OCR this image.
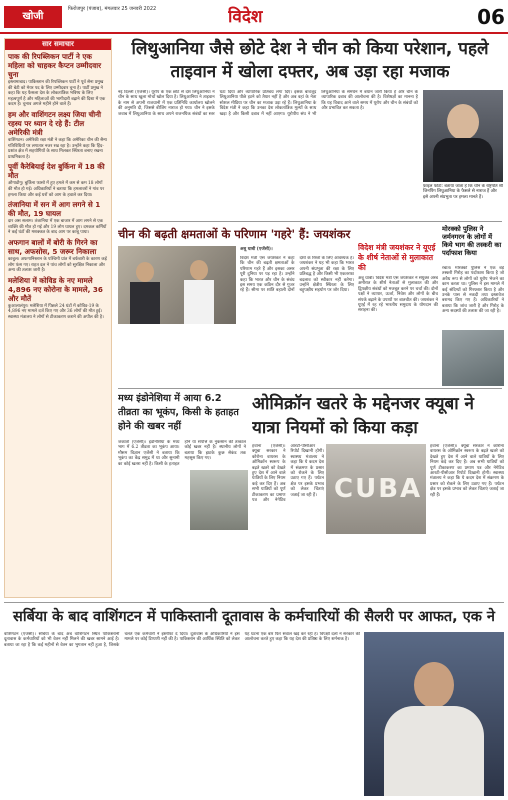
खोजी
फिरोजपुर (पंजाब), मंगलवार 25 जनवरी 2022	विदेश	06
सार समाचार
पाक की रिपब्लिकन पार्टी ने एक महिला को चाहकर कैप्टन उम्मीदवार चुना
इस्लामाबाद। पाकिस्तान की रिपब्लिकन पार्टी ने पूर्व सेना प्रमुख की बेटी को मेयर पद के लिए उम्मीदवार चुना है। पार्टी प्रमुख ने कहा कि यह फैसला देश के लोकतांत्रिक भविष्य के लिए महत्वपूर्ण है और महिलाओं की भागीदारी बढ़ाने की दिशा में एक कदम है। चुनाव अगले महीने होने वाले हैं।
हम और वाशिंगटन लक्ष्य जिया चीनी रहस्य पर ध्यान दे रहे हैं: टील अमेरिकी मंत्री
वाशिंगटन। अमेरिकी रक्षा मंत्री ने कहा कि अमेरिका चीन की सैन्य गतिविधियों पर लगातार नजर रख रहा है। उन्होंने कहा कि हिंद-प्रशांत क्षेत्र में सहयोगियों के साथ मिलकर स्थिरता बनाए रखना प्राथमिकता है।
पूर्वी कैरेबियाई देश बुर्किना में 18 की मौत
औगाडौगू। बुर्किना फासो में हुए हमले में कम से कम 18 लोगों की मौत हो गई। अधिकारियों ने बताया कि हमलावरों ने गांव पर हमला किया और कई घरों को आग के हवाले कर दिया।
तंजानिया में सन में आग लगने से 1 की मौत, 19 घायल
दार अस सलाम। तंजानिया में एक बाजार में आग लगने से एक व्यक्ति की मौत हो गई और 19 लोग घायल हुए। दमकल कर्मियों ने कई घंटों की मशक्कत के बाद आग पर काबू पाया।
अफगान बालों में बोरी के गिरने का साथ, अफसोस, 5 जरूर निकाला
काबुल। अफगानिस्तान के पश्चिमी प्रांत में बर्फबारी के कारण कई लोग फंस गए। राहत दल ने पांच लोगों को सुरक्षित निकाला और अन्य की तलाश जारी है।
मलेशिया में कोविड के नए मामले 4,896 नए कोरोना के मामले, 36 और मौतें
कुआलालंपुर। मलेशिया में पिछले 24 घंटों में कोविड-19 के 4,896 नए मामले दर्ज किए गए और 36 लोगों की मौत हुई। स्वास्थ्य मंत्रालय ने लोगों से टीकाकरण कराने की अपील की है।
लिथुआनिया जैसे छोटे देश ने चीन को किया परेशान, पहले ताइवान में खोला दफ्तर, अब उड़ा रहा मजाक
नई दिल्ली (एजेंसी)। यूरोप के एक छोटे से देश लिथुआनिया ने चीन के साथ खुला मोर्चा खोल दिया है। लिथुआनिया ने ताइवान के नाम से अपनी राजधानी में एक प्रतिनिधि कार्यालय खोलने की अनुमति दी, जिससे बीजिंग नाराज हो गया। चीन ने इसके जवाब में लिथुआनिया के साथ अपने राजनयिक संबंधों का स्तर घटा दिया और व्यापारिक प्रतिबंध लगा दिए। इसके बावजूद लिथुआनिया पीछे हटने को तैयार नहीं है और अब वहां के नेता सोशल मीडिया पर चीन का मजाक उड़ा रहे हैं। लिथुआनिया के विदेश मंत्री ने कहा कि उनका देश लोकतांत्रिक मूल्यों के साथ खड़ा है और किसी दबाव में नहीं आएगा। यूरोपीय संघ ने भी लिथुआनिया के समर्थन में बयान जारी किया है और चीन के व्यापारिक दबाव की आलोचना की है। विशेषज्ञों का मानना है कि यह विवाद आने वाले समय में यूरोप और चीन के संबंधों को और प्रभावित कर सकता है।
फ़ाइल फोटो: बताया जाता है कि चीन के राष्ट्रपति शी जिनपिंग लिथुआनिया के फैसले से नाराज हैं और इसे अपनी संप्रभुता पर हमला मानते हैं।
चीन की बढ़ती क्षमताओं के परिणाम 'गहरे' हैं: जयशंकर
अबू धाबी (एजेंसी)।
विदेश मंत्री एस जयशंकर ने कहा कि चीन की बढ़ती क्षमताओं के परिणाम गहरे हैं और इसका असर पूरी दुनिया पर पड़ रहा है। उन्होंने कहा कि भारत और चीन के संबंध इस समय एक कठिन दौर से गुजर रहे हैं। सीमा पर शांति बहाली दोनों देशों के रिश्तों के लिए आवश्यक है। जयशंकर ने यह भी कहा कि भारत अपनी संप्रभुता की रक्षा के लिए प्रतिबद्ध है और किसी भी एकतरफा बदलाव को स्वीकार नहीं करेगा। उन्होंने क्षेत्रीय स्थिरता के लिए बहुपक्षीय सहयोग पर जोर दिया।
विदेश मंत्री जयशंकर ने यूएई के शीर्ष नेताओं से मुलाकात की
अबू धाबी। विदेश मंत्री एस जयशंकर ने संयुक्त अरब अमीरात के शीर्ष नेताओं से मुलाकात की और द्विपक्षीय संबंधों को मजबूत करने पर चर्चा की। दोनों पक्षों ने व्यापार, ऊर्जा, निवेश और लोगों के बीच संपर्क बढ़ाने के उपायों पर बातचीत की। जयशंकर ने यूएई में रह रहे भारतीय समुदाय के योगदान की सराहना की।
मोरक्को पुलिस ने जर्मनगरन के लोगों में किये भाग की तस्करी का पर्दाफाश किया
रबात। मोरक्को पुलिस ने एक बड़े तस्करी गिरोह का पर्दाफाश किया है जो अवैध रूप से लोगों को यूरोप भेजने का काम करता था। पुलिस ने इस मामले में कई संदिग्धों को गिरफ्तार किया है और उनके पास से नकदी तथा दस्तावेज बरामद किए गए हैं। अधिकारियों ने बताया कि जांच जारी है और गिरोह के अन्य सदस्यों की तलाश की जा रही है।
मध्य इंडोनेशिया में आया 6.2 तीव्रता का भूकंप, किसी के हताहत होने की खबर नहीं
जकार्ता (एजेंसी)। इंडोनेशिया के मध्य भाग में 6.2 तीव्रता का भूकंप आया। मौसम विज्ञान एजेंसी ने बताया कि भूकंप का केंद्र समुद्र में था और सुनामी का कोई खतरा नहीं है। किसी के हताहत होने या संपत्ति के नुकसान की तत्काल कोई खबर नहीं है। स्थानीय लोगों ने बताया कि झटके कुछ सेकंड तक महसूस किए गए।
ओमिक्रॉन खतरे के मद्देनजर क्यूबा ने यात्रा नियमों को किया कड़ा
हवाना (एजेंसी)। क्यूबा सरकार ने कोरोना वायरस के ओमिक्रॉन स्वरूप के बढ़ते खतरे को देखते हुए देश में आने वाले यात्रियों के लिए नियम कड़े कर दिए हैं। अब सभी यात्रियों को पूर्ण टीकाकरण का प्रमाण पत्र और नेगेटिव आरटी-पीसीआर रिपोर्ट दिखानी होगी। स्वास्थ्य मंत्रालय ने कहा कि ये कदम देश में संक्रमण के प्रसार को रोकने के लिए उठाए गए हैं। पर्यटन क्षेत्र पर इसके प्रभाव को लेकर चिंताएं जताई जा रही हैं। CUBA
हवाना (एजेंसी)। क्यूबा सरकार ने कोरोना वायरस के ओमिक्रॉन स्वरूप के बढ़ते खतरे को देखते हुए देश में आने वाले यात्रियों के लिए नियम कड़े कर दिए हैं। अब सभी यात्रियों को पूर्ण टीकाकरण का प्रमाण पत्र और नेगेटिव आरटी-पीसीआर रिपोर्ट दिखानी होगी। स्वास्थ्य मंत्रालय ने कहा कि ये कदम देश में संक्रमण के प्रसार को रोकने के लिए उठाए गए हैं। पर्यटन क्षेत्र पर इसके प्रभाव को लेकर चिंताएं जताई जा रही हैं।
सर्बिया के बाद वाशिंगटन में पाकिस्तानी दूतावास के कर्मचारियों की सैलरी पर आफत, एक ने
वाशिंगटन (एजेंसी)। सर्बिया के बाद अब वाशिंगटन स्थित पाकिस्तानी दूतावास के कर्मचारियों को भी वेतन नहीं मिलने की खबर सामने आई है। बताया जा रहा है कि कई महीनों से वेतन का भुगतान नहीं हुआ है, जिसके चलते एक कर्मचारी ने इस्तीफा दे दिया। दूतावास के अधिकारियों ने इस मामले पर कोई टिप्पणी नहीं की है। पाकिस्तान की आर्थिक स्थिति को लेकर यह घटना एक बार फिर सवाल खड़े कर रही है। विपक्षी दलों ने सरकार की आलोचना करते हुए कहा कि यह देश की प्रतिष्ठा के लिए शर्मनाक है।
